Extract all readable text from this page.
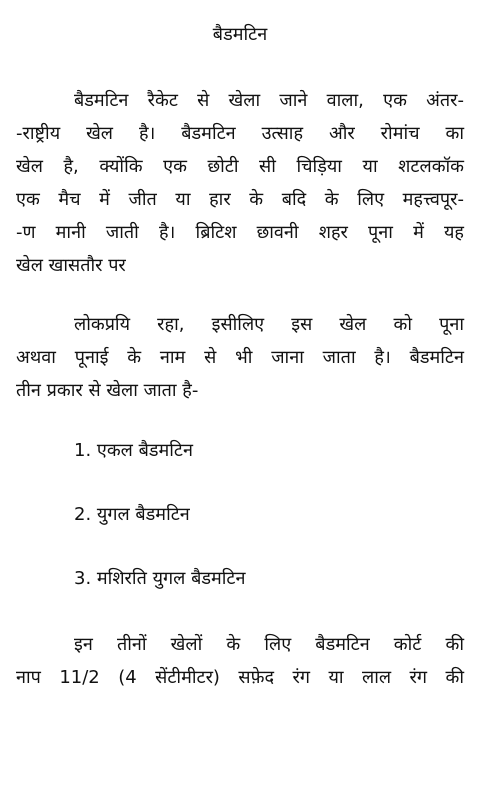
बैडमटिन
बैडमटिन रैकेट से खेला जाने वाला, एक अंतर-
-राष्ट्रीय खेल है। बैडमटिन उत्साह और रोमांच का
खेल है, क्योंकि एक छोटी सी चिड़िया या शटलकॉक
एक मैच में जीत या हार के बदि के लिए महत्त्वपूर-
-ण मानी जाती है। ब्रिटिश छावनी शहर पूना में यह
खेल खासतौर पर
लोकप्रयि रहा, इसीलिए इस खेल को पूना
अथवा पूनाई के नाम से भी जाना जाता है। बैडमटिन
तीन प्रकार से खेला जाता है-
1. एकल बैडमटिन
2. युगल बैडमटिन
3. मशिरति युगल बैडमटिन
इन तीनों खेलों के लिए बैडमटिन कोर्ट की
नाप 11/2 (4 सेंटीमीटर) सफ़ेद रंग या लाल रंग की
